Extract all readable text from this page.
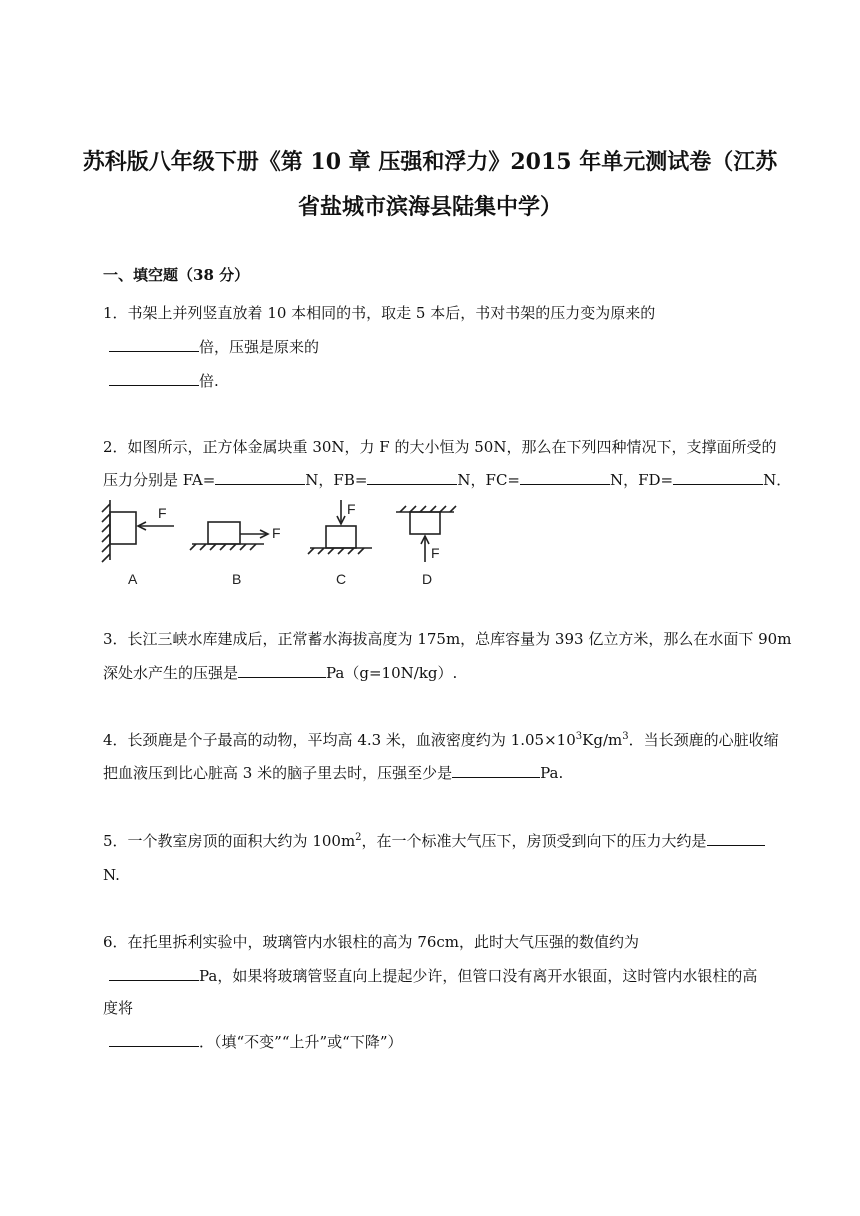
苏科版八年级下册《第 10 章 压强和浮力》2015 年单元测试卷（江苏
省盐城市滨海县陆集中学）
一、填空题（38 分）
1．书架上并列竖直放着 10 本相同的书，取走 5 本后，书对书架的压力变为原来的
倍，压强是原来的
倍.
2．如图所示，正方体金属块重 30N，力 F 的大小恒为 50N，那么在下列四种情况下，支撑面所受的
压力分别是 FA=	N，FB=	N，FC=	N，FD=	N．
F
F
F
F
A	B	C	D
3．长江三峡水库建成后，正常蓄水海拔高度为 175m，总库容量为 393 亿立方米，那么在水面下 90m
深处水产生的压强是	Pa（g=10N/kg）.
4．长颈鹿是个子最高的动物，平均高 4.3 米，血液密度约为 $1.05\times 10^3Kg/m^3$．当长颈鹿的心脏收缩
把血液压到比心脏高 3 米的脑子里去时，压强至少是	Pa.
5．一个教室房顶的面积大约为 $100m^2$，在一个标准大气压下，房顶受到向下的压力大约是
N.
6．在托里拆利实验中，玻璃管内水银柱的高为 76cm，此时大气压强的数值约为
Pa，如果将玻璃管竖直向上提起少许，但管口没有离开水银面，这时管内水银柱的高
度将
．（填“不变”“上升”或“下降”）
